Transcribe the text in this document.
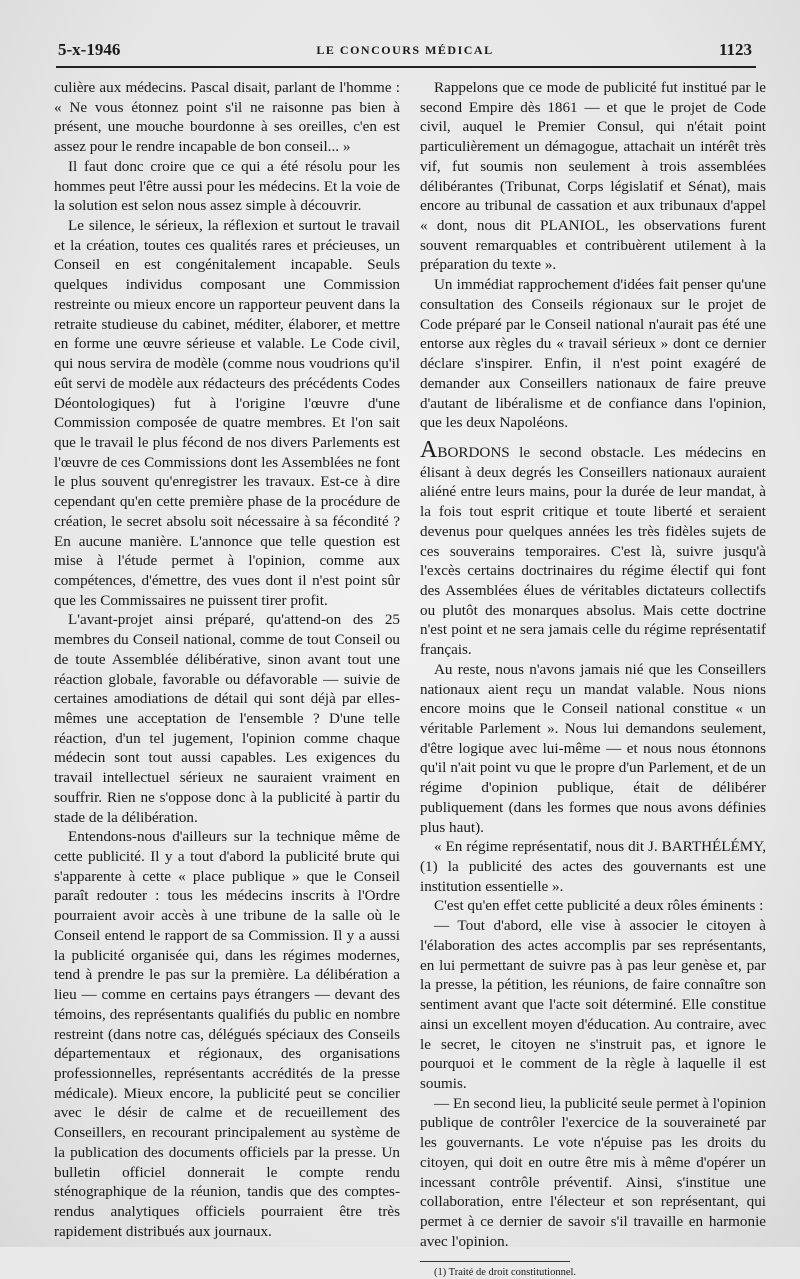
5-x-1946	LE CONCOURS MÉDICAL	1123

culière aux médecins. Pascal disait, parlant de l'homme : « Ne vous étonnez point s'il ne raisonne pas bien à présent, une mouche bourdonne à ses oreilles, c'en est assez pour le rendre incapable de bon conseil... »

Il faut donc croire que ce qui a été résolu pour les hommes peut l'être aussi pour les médecins. Et la voie de la solution est selon nous assez simple à découvrir.

Le silence, le sérieux, la réflexion et surtout le travail et la création, toutes ces qualités rares et précieuses, un Conseil en est congénitalement incapable. Seuls quelques individus composant une Commission restreinte ou mieux encore un rapporteur peuvent dans la retraite studieuse du cabinet, méditer, élaborer, et mettre en forme une œuvre sérieuse et valable. Le Code civil, qui nous servira de modèle (comme nous voudrions qu'il eût servi de modèle aux rédacteurs des précédents Codes Déontologiques) fut à l'origine l'œuvre d'une Commission composée de quatre membres. Et l'on sait que le travail le plus fécond de nos divers Parlements est l'œuvre de ces Commissions dont les Assemblées ne font le plus souvent qu'enregistrer les travaux. Est-ce à dire cependant qu'en cette première phase de la procédure de création, le secret absolu soit nécessaire à sa fécondité ? En aucune manière. L'annonce que telle question est mise à l'étude permet à l'opinion, comme aux compétences, d'émettre, des vues dont il n'est point sûr que les Commissaires ne puissent tirer profit.

L'avant-projet ainsi préparé, qu'attend-on des 25 membres du Conseil national, comme de tout Conseil ou de toute Assemblée délibérative, sinon avant tout une réaction globale, favorable ou défavorable — suivie de certaines amodiations de détail qui sont déjà par elles-mêmes une acceptation de l'ensemble ? D'une telle réaction, d'un tel jugement, l'opinion comme chaque médecin sont tout aussi capables. Les exigences du travail intellectuel sérieux ne sauraient vraiment en souffrir. Rien ne s'oppose donc à la publicité à partir du stade de la délibération.

Entendons-nous d'ailleurs sur la technique même de cette publicité. Il y a tout d'abord la publicité brute qui s'apparente à cette « place publique » que le Conseil paraît redouter : tous les médecins inscrits à l'Ordre pourraient avoir accès à une tribune de la salle où le Conseil entend le rapport de sa Commission. Il y a aussi la publicité organisée qui, dans les régimes modernes, tend à prendre le pas sur la première. La délibération a lieu — comme en certains pays étrangers — devant des témoins, des représentants qualifiés du public en nombre restreint (dans notre cas, délégués spéciaux des Conseils départementaux et régionaux, des organisations professionnelles, représentants accrédités de la presse médicale). Mieux encore, la publicité peut se concilier avec le désir de calme et de recueillement des Conseillers, en recourant principalement au système de la publication des documents officiels par la presse. Un bulletin officiel donnerait le compte rendu sténographique de la réunion, tandis que des comptes-rendus analytiques officiels pourraient être très rapidement distribués aux journaux.

Rappelons que ce mode de publicité fut institué par le second Empire dès 1861 — et que le projet de Code civil, auquel le Premier Consul, qui n'était point particulièrement un démagogue, attachait un intérêt très vif, fut soumis non seulement à trois assemblées délibérantes (Tribunat, Corps législatif et Sénat), mais encore au tribunal de cassation et aux tribunaux d'appel « dont, nous dit PLANIOL, les observations furent souvent remarquables et contribuèrent utilement à la préparation du texte ».

Un immédiat rapprochement d'idées fait penser qu'une consultation des Conseils régionaux sur le projet de Code préparé par le Conseil national n'aurait pas été une entorse aux règles du « travail sérieux » dont ce dernier déclare s'inspirer. Enfin, il n'est point exagéré de demander aux Conseillers nationaux de faire preuve d'autant de libéralisme et de confiance dans l'opinion, que les deux Napoléons.

ABORDONS le second obstacle. Les médecins en élisant à deux degrés les Conseillers nationaux auraient aliéné entre leurs mains, pour la durée de leur mandat, à la fois tout esprit critique et toute liberté et seraient devenus pour quelques années les très fidèles sujets de ces souverains temporaires. C'est là, suivre jusqu'à l'excès certains doctrinaires du régime électif qui font des Assemblées élues de véritables dictateurs collectifs ou plutôt des monarques absolus. Mais cette doctrine n'est point et ne sera jamais celle du régime représentatif français.

Au reste, nous n'avons jamais nié que les Conseillers nationaux aient reçu un mandat valable. Nous nions encore moins que le Conseil national constitue « un véritable Parlement ». Nous lui demandons seulement, d'être logique avec lui-même — et nous nous étonnons qu'il n'ait point vu que le propre d'un Parlement, et de un régime d'opinion publique, était de délibérer publiquement (dans les formes que nous avons définies plus haut).

« En régime représentatif, nous dit J. BARTHÉLÉMY, (1) la publicité des actes des gouvernants est une institution essentielle ».

C'est qu'en effet cette publicité a deux rôles éminents :

— Tout d'abord, elle vise à associer le citoyen à l'élaboration des actes accomplis par ses représentants, en lui permettant de suivre pas à pas leur genèse et, par la presse, la pétition, les réunions, de faire connaître son sentiment avant que l'acte soit déterminé. Elle constitue ainsi un excellent moyen d'éducation. Au contraire, avec le secret, le citoyen ne s'instruit pas, et ignore le pourquoi et le comment de la règle à laquelle il est soumis.

— En second lieu, la publicité seule permet à l'opinion publique de contrôler l'exercice de la souveraineté par les gouvernants. Le vote n'épuise pas les droits du citoyen, qui doit en outre être mis à même d'opérer un incessant contrôle préventif. Ainsi, s'institue une collaboration, entre l'électeur et son représentant, qui permet à ce dernier de savoir s'il travaille en harmonie avec l'opinion.

(1) Traité de droit constitutionnel.
